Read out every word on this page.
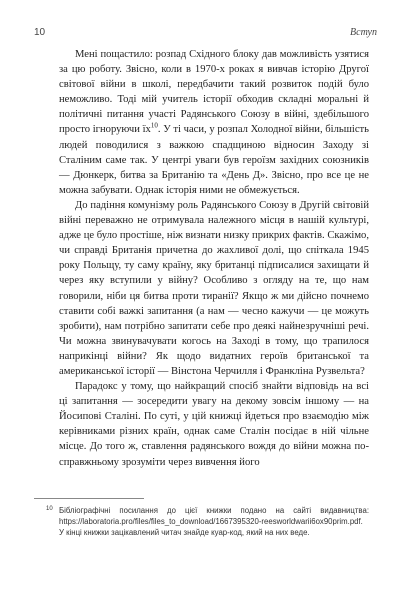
10	Вступ

Мені пощастило: розпад Східного блоку дав можливість узятися за цю роботу. Звісно, коли в 1970-х роках я вивчав історію Другої світової війни в школі, передбачити такий розвиток подій було неможливо. Тоді мій учитель історії обходив складні моральні й політичні питання участі Радянського Союзу в війні, здебільшого просто ігноруючи їх$^{10}$. У ті часи, у розпал Холодної війни, більшість людей поводилися з важкою спадщиною відносин Заходу зі Сталіним саме так. У центрі уваги був героїзм західних союзників — Дюнкерк, битва за Британію та «День Д». Звісно, про все це не можна забувати. Однак історія ними не обмежується.

До падіння комунізму роль Радянського Союзу в Другій світовій війні переважно не отримувала належного місця в нашій культурі, адже це було простіше, ніж визнати низку прикрих фактів. Скажімо, чи справді Британія причетна до жахливої долі, що спіткала 1945 року Польщу, ту саму країну, яку британці підписалися захищати й через яку вступили у війну? Особливо з огляду на те, що нам говорили, ніби ця битва проти тиранії? Якщо ж ми дійсно почнемо ставити собі важкі запитання (а нам — чесно кажучи — це можуть зробити), нам потрібно запитати себе про деякі найнезручніші речі. Чи можна звинувачувати когось на Заході в тому, що трапилося наприкінці війни? Як щодо видатних героїв британської та американської історії — Вінстона Черчилля і Франкліна Рузвельта?

Парадокс у тому, що найкращий спосіб знайти відповідь на всі ці запитання — зосередити увагу на декому зовсім іншому — на Йосипові Сталіні. По суті, у цій книжці йдеться про взаємодію між керівниками різних країн, однак саме Сталін посідає в ній чільне місце. До того ж, ставлення радянського вождя до війни можна по-справжньому зрозуміти через вивчення його

10 Бібліографічні посилання до цієї книжки подано на сайті видавництва: https://laboratoria.pro/files/files_to_download/1667395320-reesworldwarii6ox90prim.pdf. У кінці книжки зацікавлений читач знайде куар-код, який на них веде.
